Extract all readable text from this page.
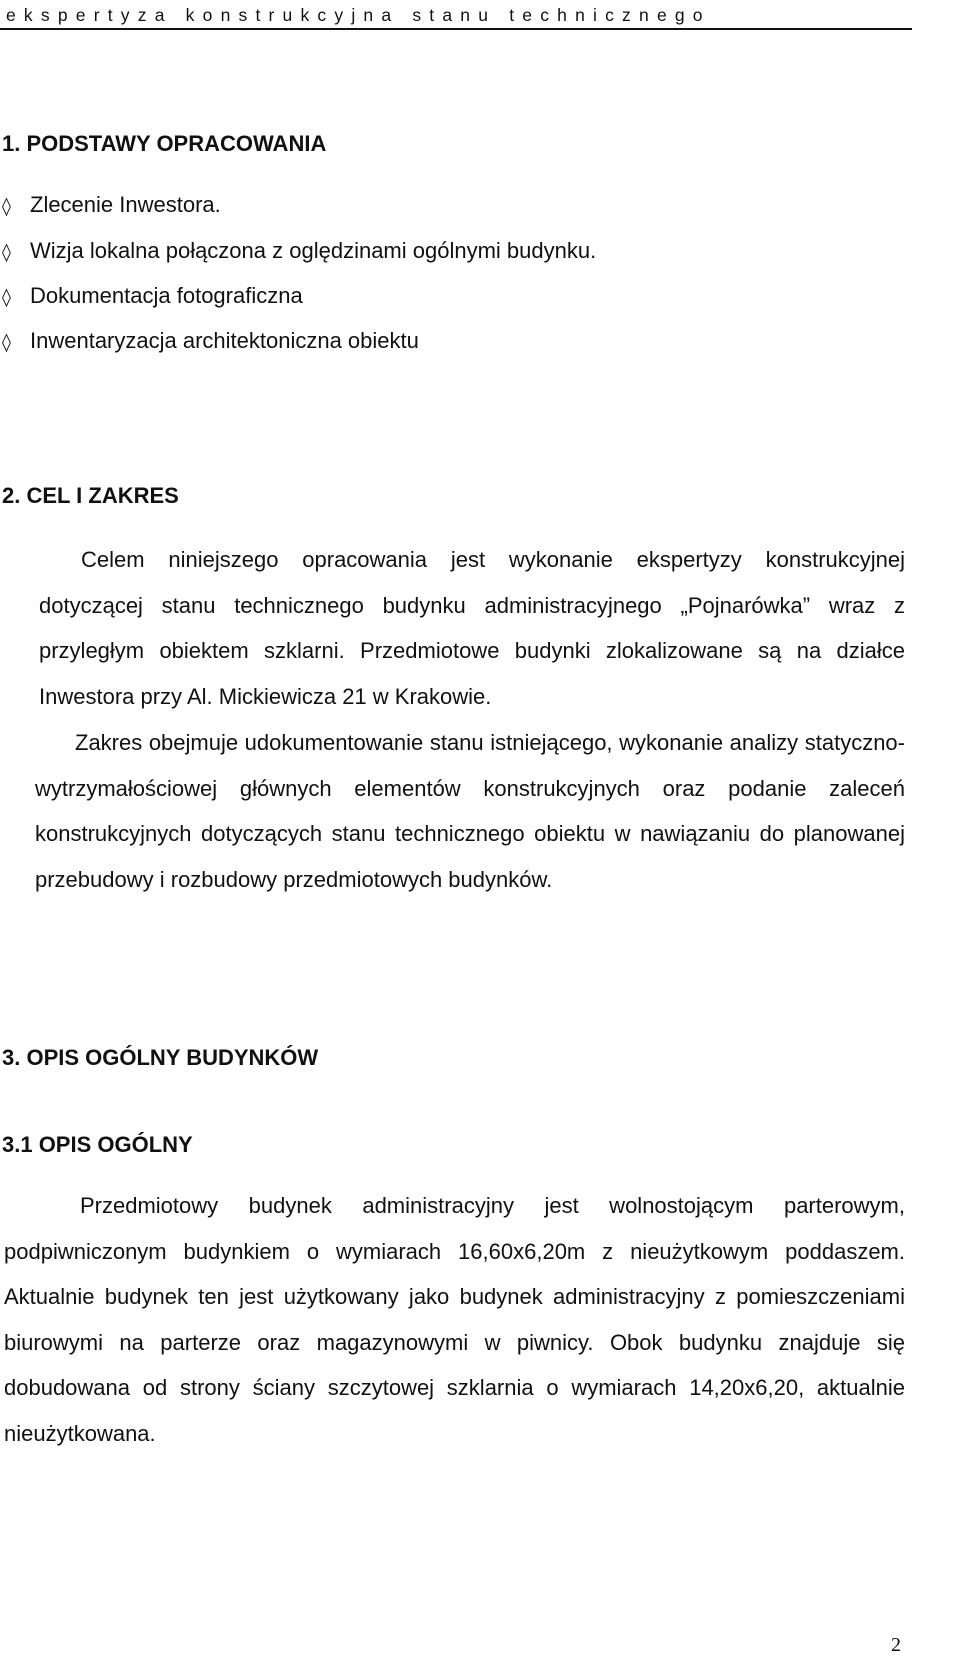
ekspertyza konstrukcyjna stanu technicznego
1. PODSTAWY OPRACOWANIA
◊ Zlecenie Inwestora.
◊ Wizja lokalna połączona z oględzinami ogólnymi budynku.
◊ Dokumentacja fotograficzna
◊ Inwentaryzacja architektoniczna obiektu
2. CEL I ZAKRES
Celem niniejszego opracowania jest wykonanie ekspertyzy konstrukcyjnej dotyczącej stanu technicznego budynku administracyjnego „Pojnarówka” wraz z przyległym obiektem szklarni. Przedmiotowe budynki zlokalizowane są na działce Inwestora przy Al. Mickiewicza 21 w Krakowie.
Zakres obejmuje udokumentowanie stanu istniejącego, wykonanie analizy statyczno-wytrzymałościowej głównych elementów konstrukcyjnych oraz podanie zaleceń konstrukcyjnych dotyczących stanu technicznego obiektu w nawiązaniu do planowanej przebudowy i rozbudowy przedmiotowych budynków.
3. OPIS OGÓLNY BUDYNKÓW
3.1 OPIS OGÓLNY
Przedmiotowy budynek administracyjny jest wolnostojącym parterowym, podpiwniczonym budynkiem o wymiarach 16,60x6,20m z nieużytkowym poddaszem. Aktualnie budynek ten jest użytkowany jako budynek administracyjny z pomieszczeniami biurowymi na parterze oraz magazynowymi w piwnicy. Obok budynku znajduje się dobudowana od strony ściany szczytowej szklarnia o wymiarach 14,20x6,20, aktualnie nieużytkowana.
2
